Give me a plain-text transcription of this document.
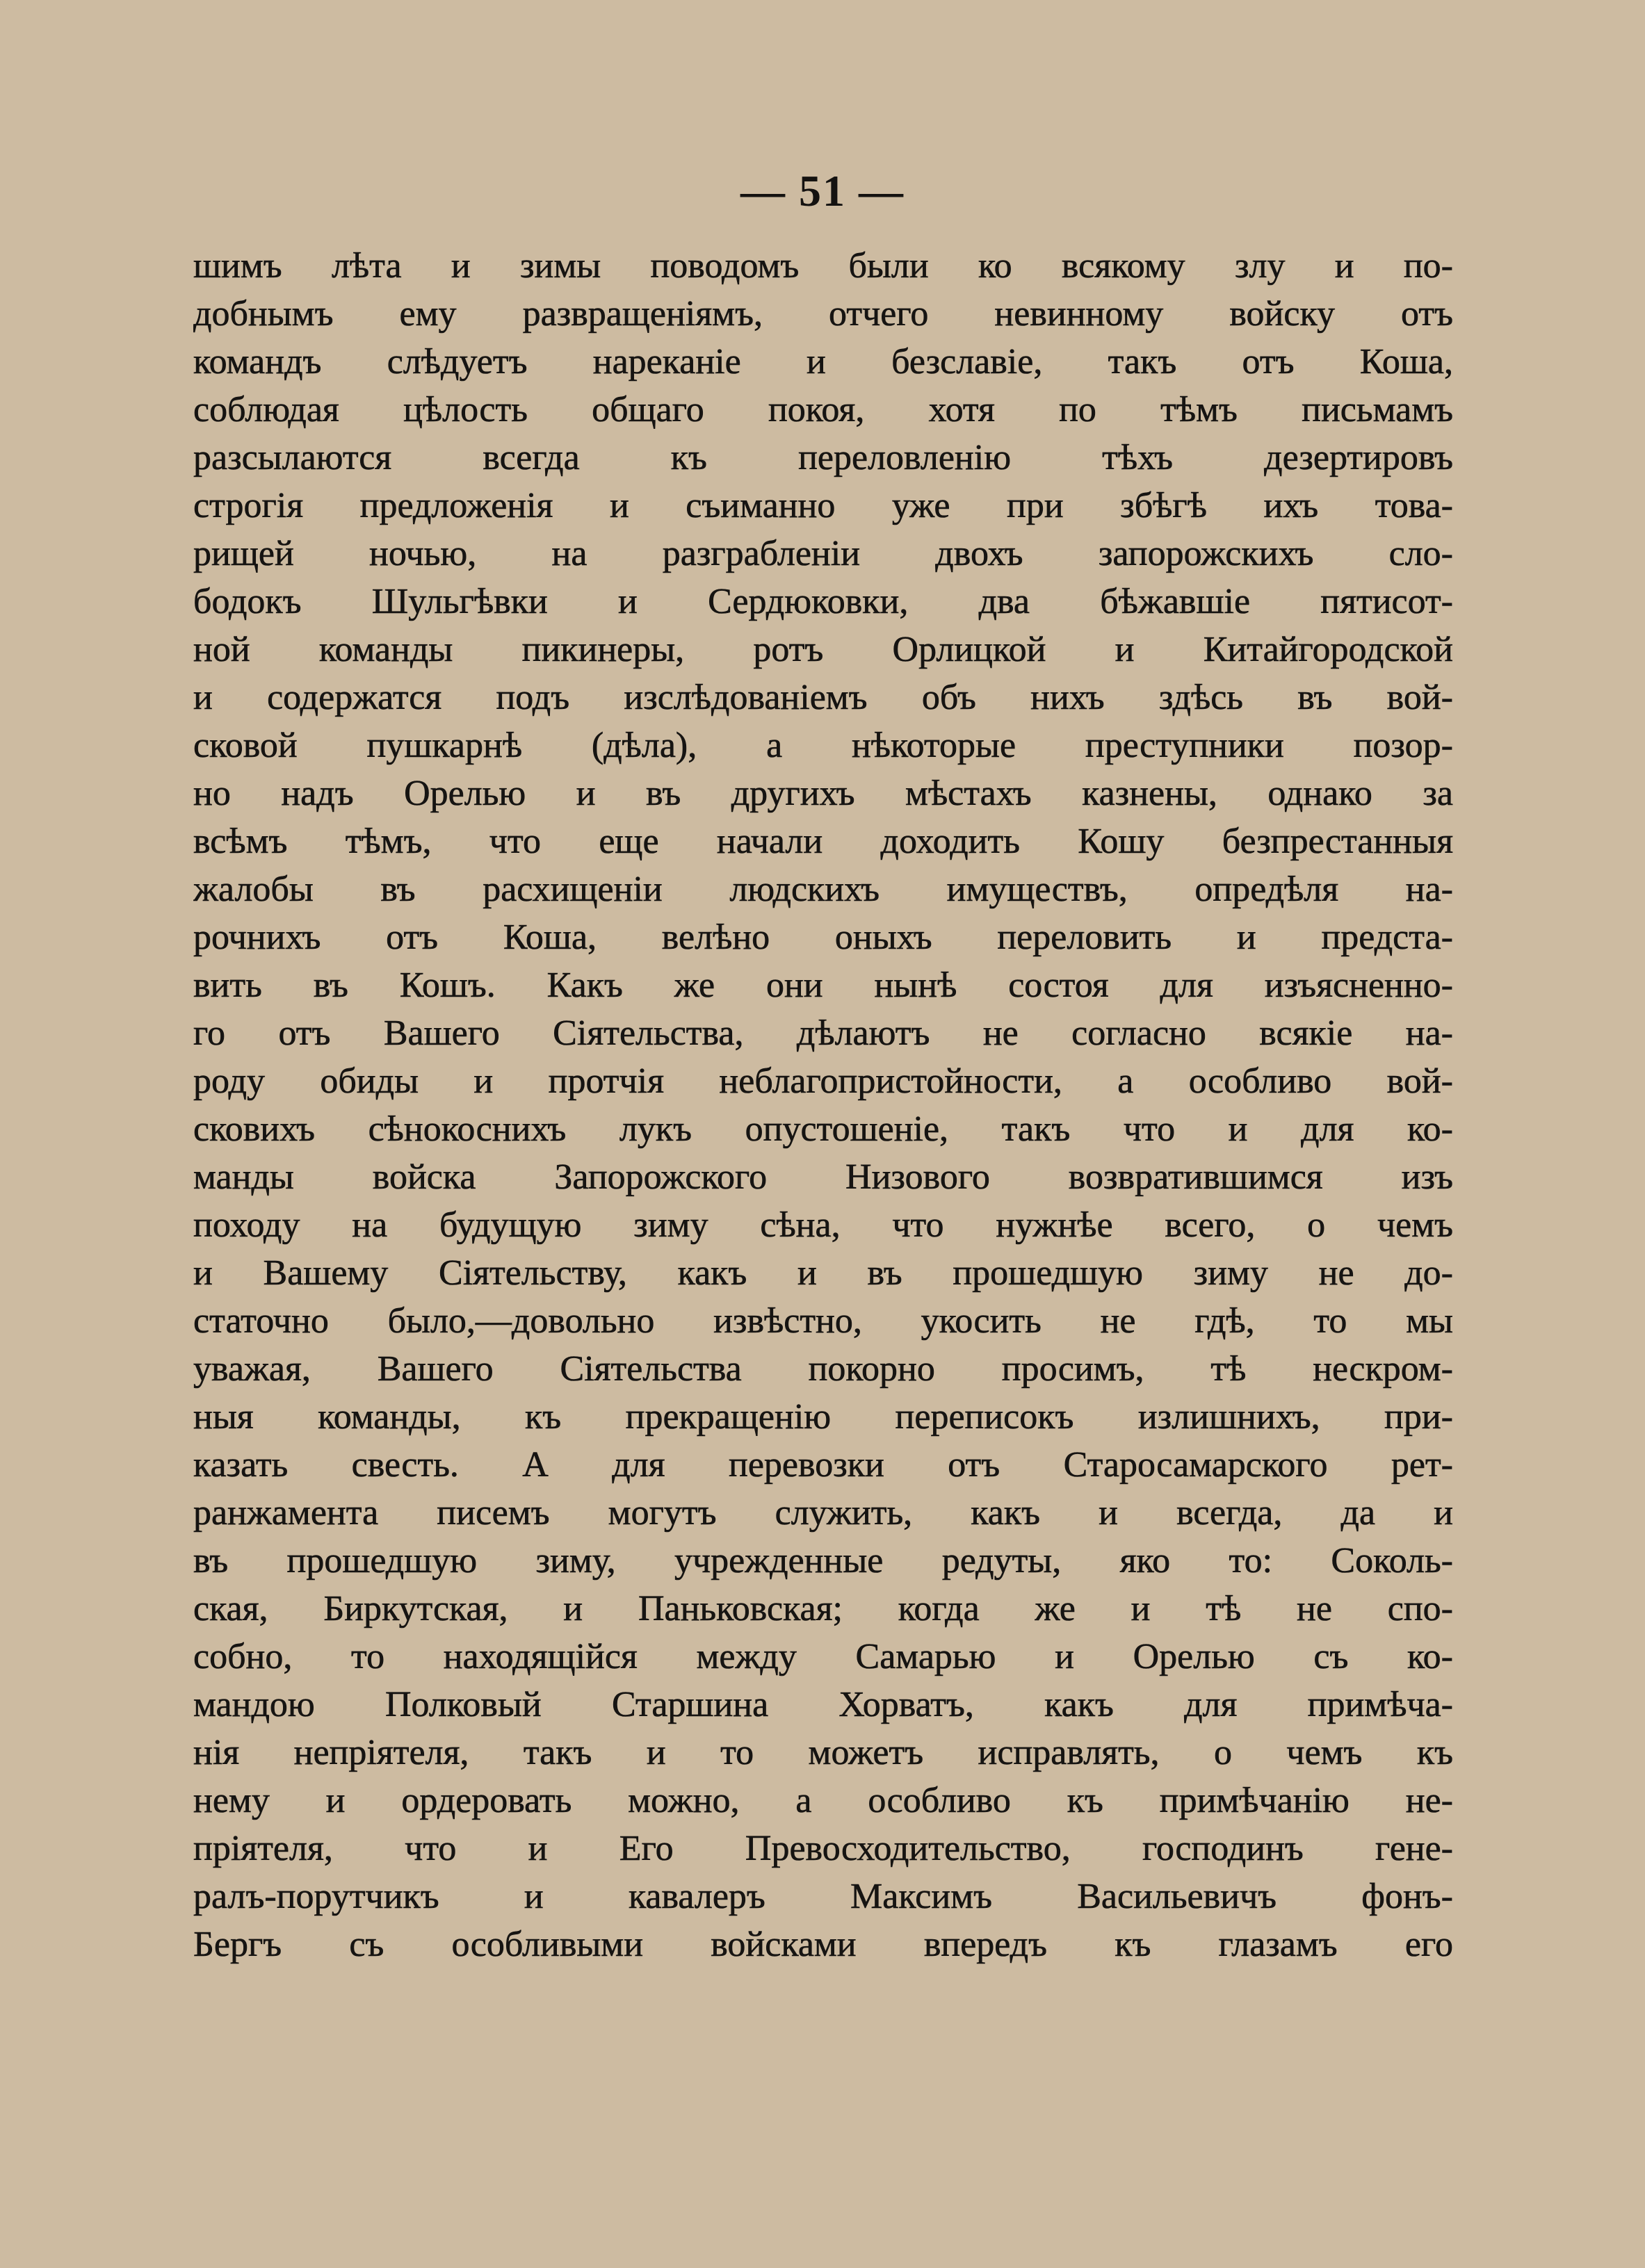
— 51 —
шимъ лѣта и зимы поводомъ были ко всякому злу и по-
добнымъ ему развращеніямъ, отчего невинному войску отъ
командъ слѣдуетъ нареканіе и безславіе, такъ отъ Коша,
соблюдая цѣлость общаго покоя, хотя по тѣмъ письмамъ
разсылаются всегда къ переловленію тѣхъ дезертировъ
строгія предложенія и съиманно уже при збѣгѣ ихъ това-
рищей ночью, на разграбленіи двохъ запорожскихъ сло-
бодокъ Шульгѣвки и Сердюковки, два бѣжавшіе пятисот-
ной команды пикинеры, ротъ Орлицкой и Китайгородской
и содержатся подъ изслѣдованіемъ объ нихъ здѣсь въ вой-
сковой пушкарнѣ (дѣла), а нѣкоторые преступники позор-
но надъ Орелью и въ другихъ мѣстахъ казнены, однако за
всѣмъ тѣмъ, что еще начали доходить Кошу безпрестанныя
жалобы въ расхищеніи людскихъ имуществъ, опредѣля на-
рочнихъ отъ Коша, велѣно оныхъ переловить и предста-
вить въ Кошъ. Какъ же они нынѣ состоя для изъясненно-
го отъ Вашего Сіятельства, дѣлаютъ не согласно всякіе на-
роду обиды и протчія неблагопристойности, а особливо вой-
сковихъ сѣнокоснихъ лукъ опустошеніе, такъ что и для ко-
манды войска Запорожского Низового возвратившимся изъ
походу на будущую зиму сѣна, что нужнѣе всего, о чемъ
и Вашему Сіятельству, какъ и въ прошедшую зиму не до-
статочно было,—довольно извѣстно, укосить не гдѣ, то мы
уважая, Вашего Сіятельства покорно просимъ, тѣ нескром-
ныя команды, къ прекращенію переписокъ излишнихъ, при-
казать свесть. А для перевозки отъ Старосамарского рет-
ранжамента писемъ могутъ служить, какъ и всегда, да и
въ прошедшую зиму, учрежденные редуты, яко то: Соколь-
ская, Биркутская, и Паньковская; когда же и тѣ не спо-
собно, то находящійся между Самарью и Орелью съ ко-
мандою Полковый Старшина Хорватъ, какъ для примѣча-
нія непріятеля, такъ и то можетъ исправлять, о чемъ къ
нему и ордеровать можно, а особливо къ примѣчанію не-
пріятеля, что и Его Превосходительство, господинъ гене-
ралъ-порутчикъ и кавалеръ Максимъ Васильевичъ фонъ-
Бергъ съ особливыми войсками впередъ къ глазамъ его
